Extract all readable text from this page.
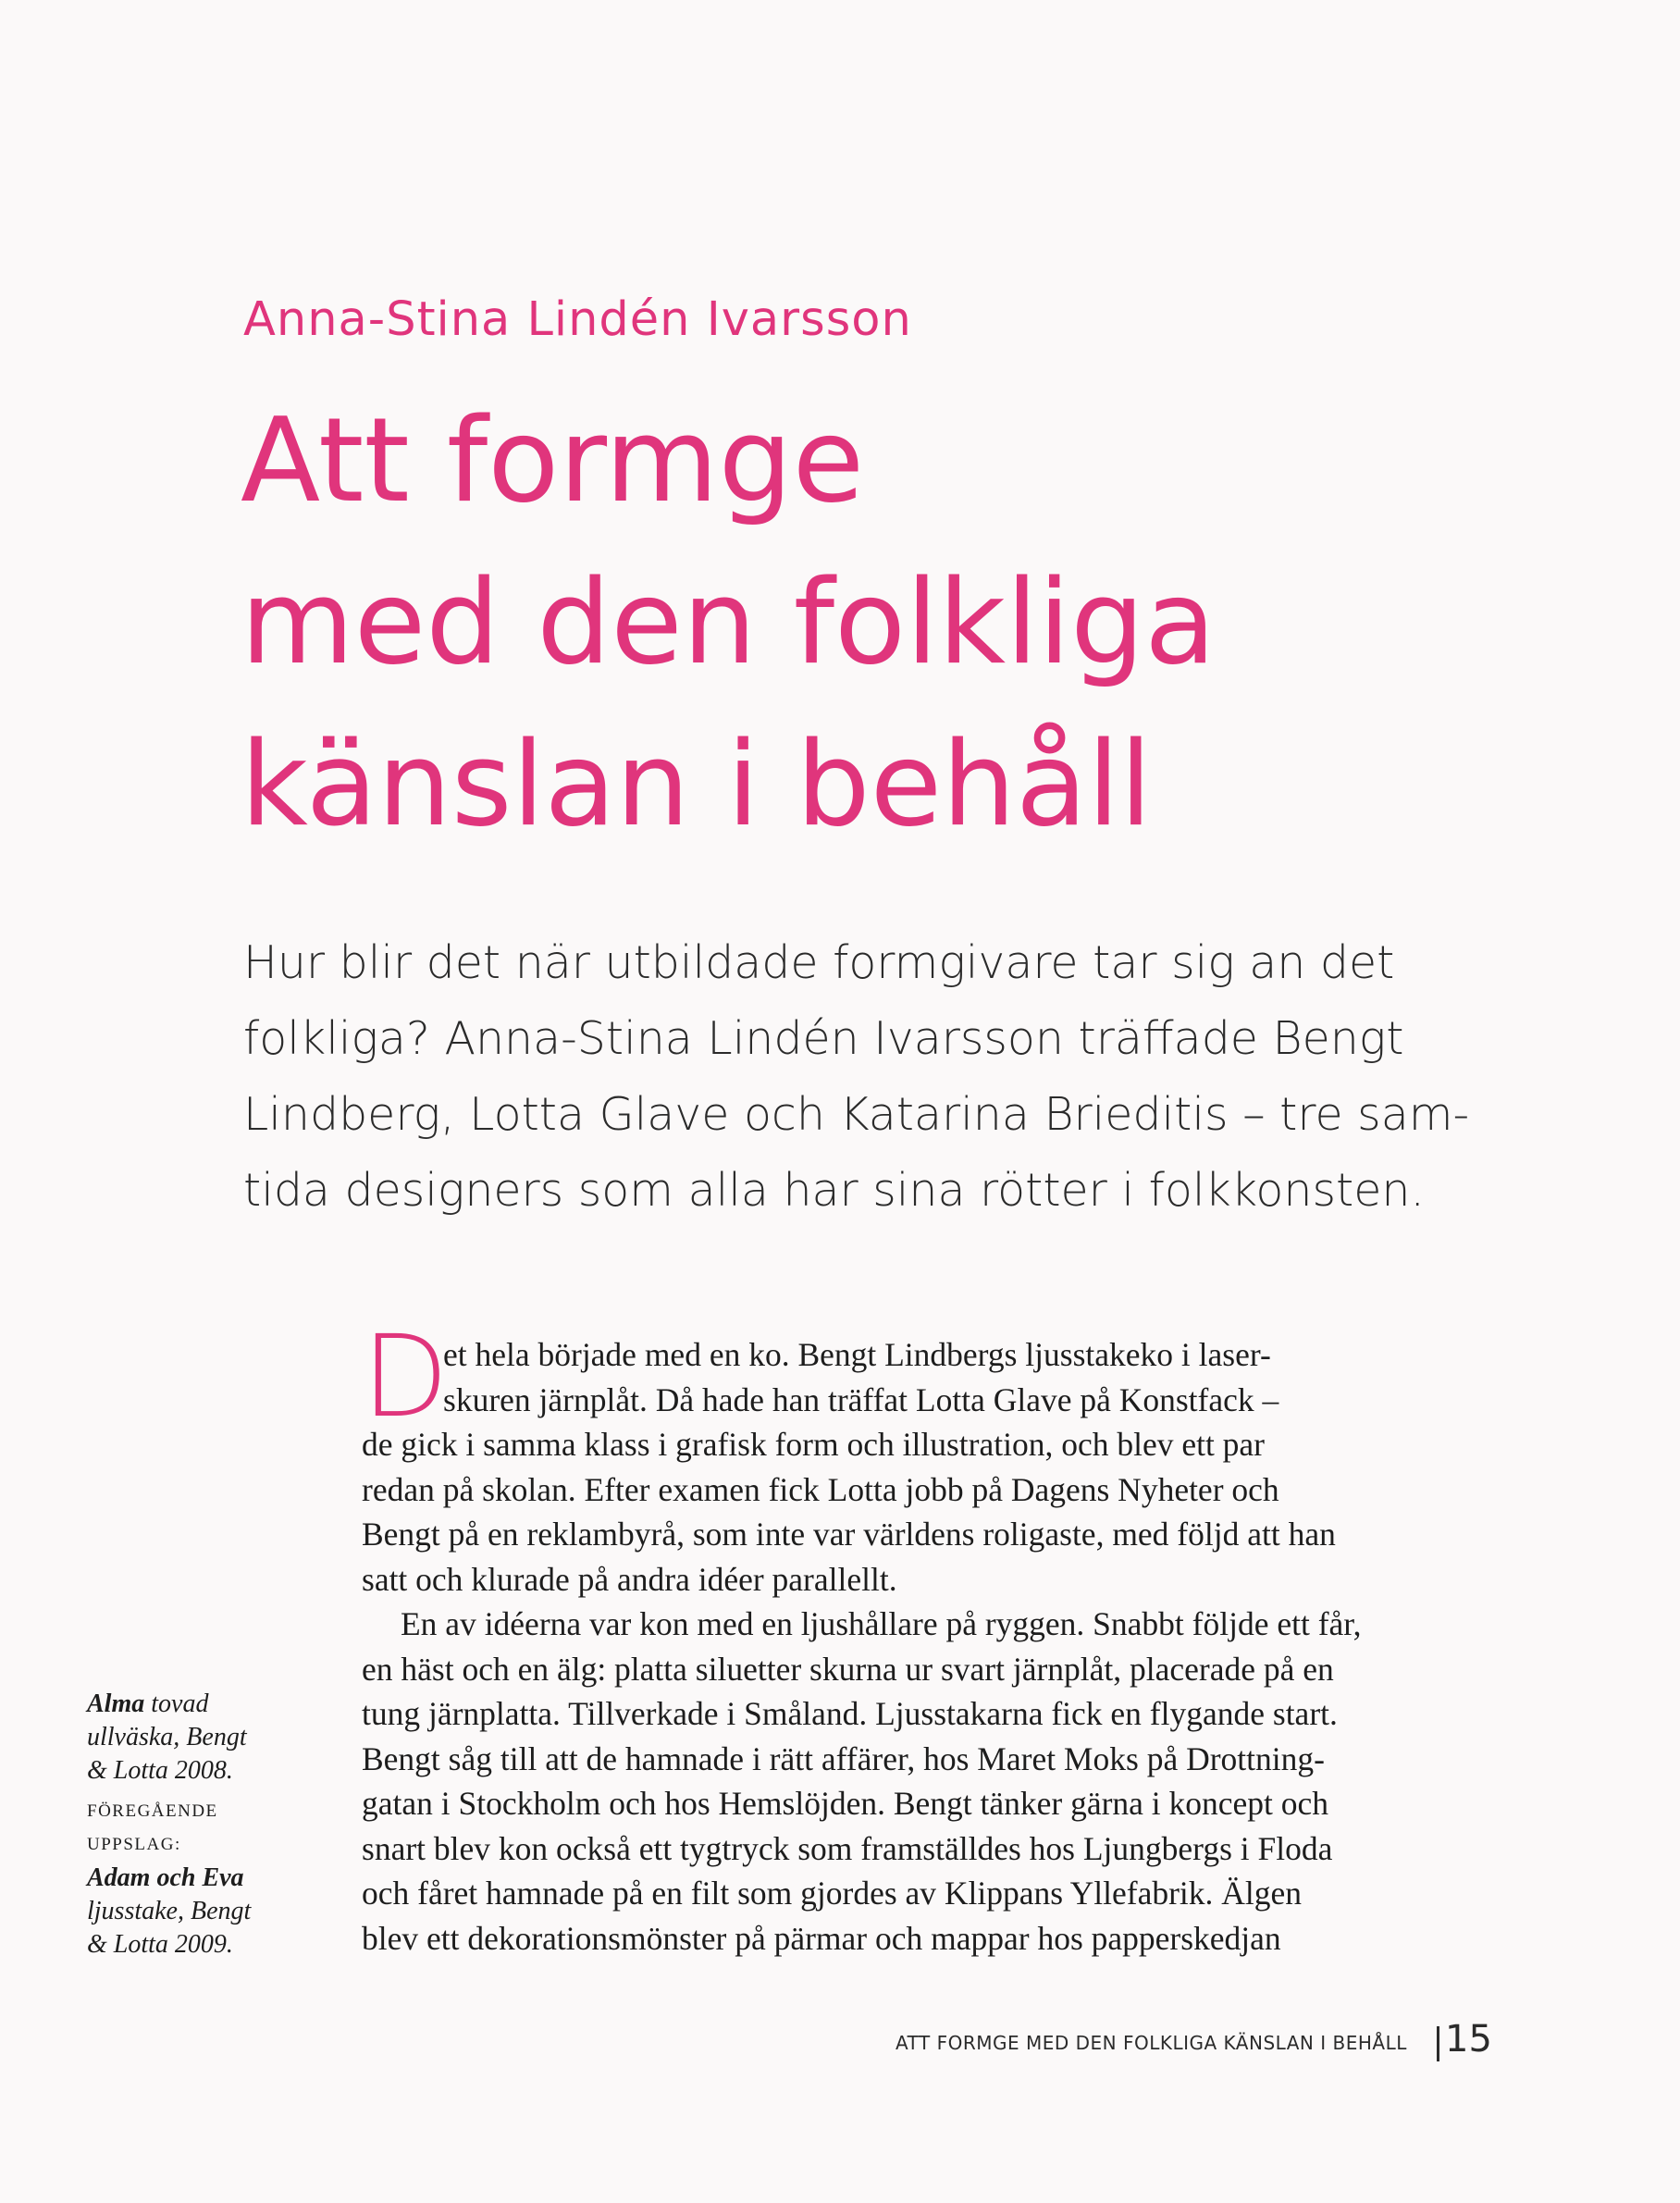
Anna-Stina Lindén Ivarsson
Att formge
med den folkliga
känslan i behåll

Hur blir det när utbildade formgivare tar sig an det
folkliga? Anna-Stina Lindén Ivarsson träffade Bengt
Lindberg, Lotta Glave och Katarina Brieditis – tre sam-
tida designers som alla har sina rötter i folkkonsten.

D
et hela började med en ko. Bengt Lindbergs ljusstakeko i laser-
skuren järnplåt. Då hade han träffat Lotta Glave på Konstfack –
de gick i samma klass i grafisk form och illustration, och blev ett par
redan på skolan. Efter examen fick Lotta jobb på Dagens Nyheter och
Bengt på en reklambyrå, som inte var världens roligaste, med följd att han
satt och klurade på andra idéer parallellt.
En av idéerna var kon med en ljushållare på ryggen. Snabbt följde ett får,
en häst och en älg: platta siluetter skurna ur svart järnplåt, placerade på en
tung järnplatta. Tillverkade i Småland. Ljusstakarna fick en flygande start.
Bengt såg till att de hamnade i rätt affärer, hos Maret Moks på Drottning-
gatan i Stockholm och hos Hemslöjden. Bengt tänker gärna i koncept och
snart blev kon också ett tygtryck som framställdes hos Ljungbergs i Floda
och fåret hamnade på en filt som gjordes av Klippans Yllefabrik. Älgen
blev ett dekorationsmönster på pärmar och mappar hos papperskedjan
Alma tovad
ullväska, Bengt
& Lotta 2008.
FÖREGÅENDE
UPPSLAG:
Adam och Eva
ljusstake, Bengt
& Lotta 2009.
ATT FORMGE MED DEN FOLKLIGA KÄNSLAN I BEHÅLL 15
